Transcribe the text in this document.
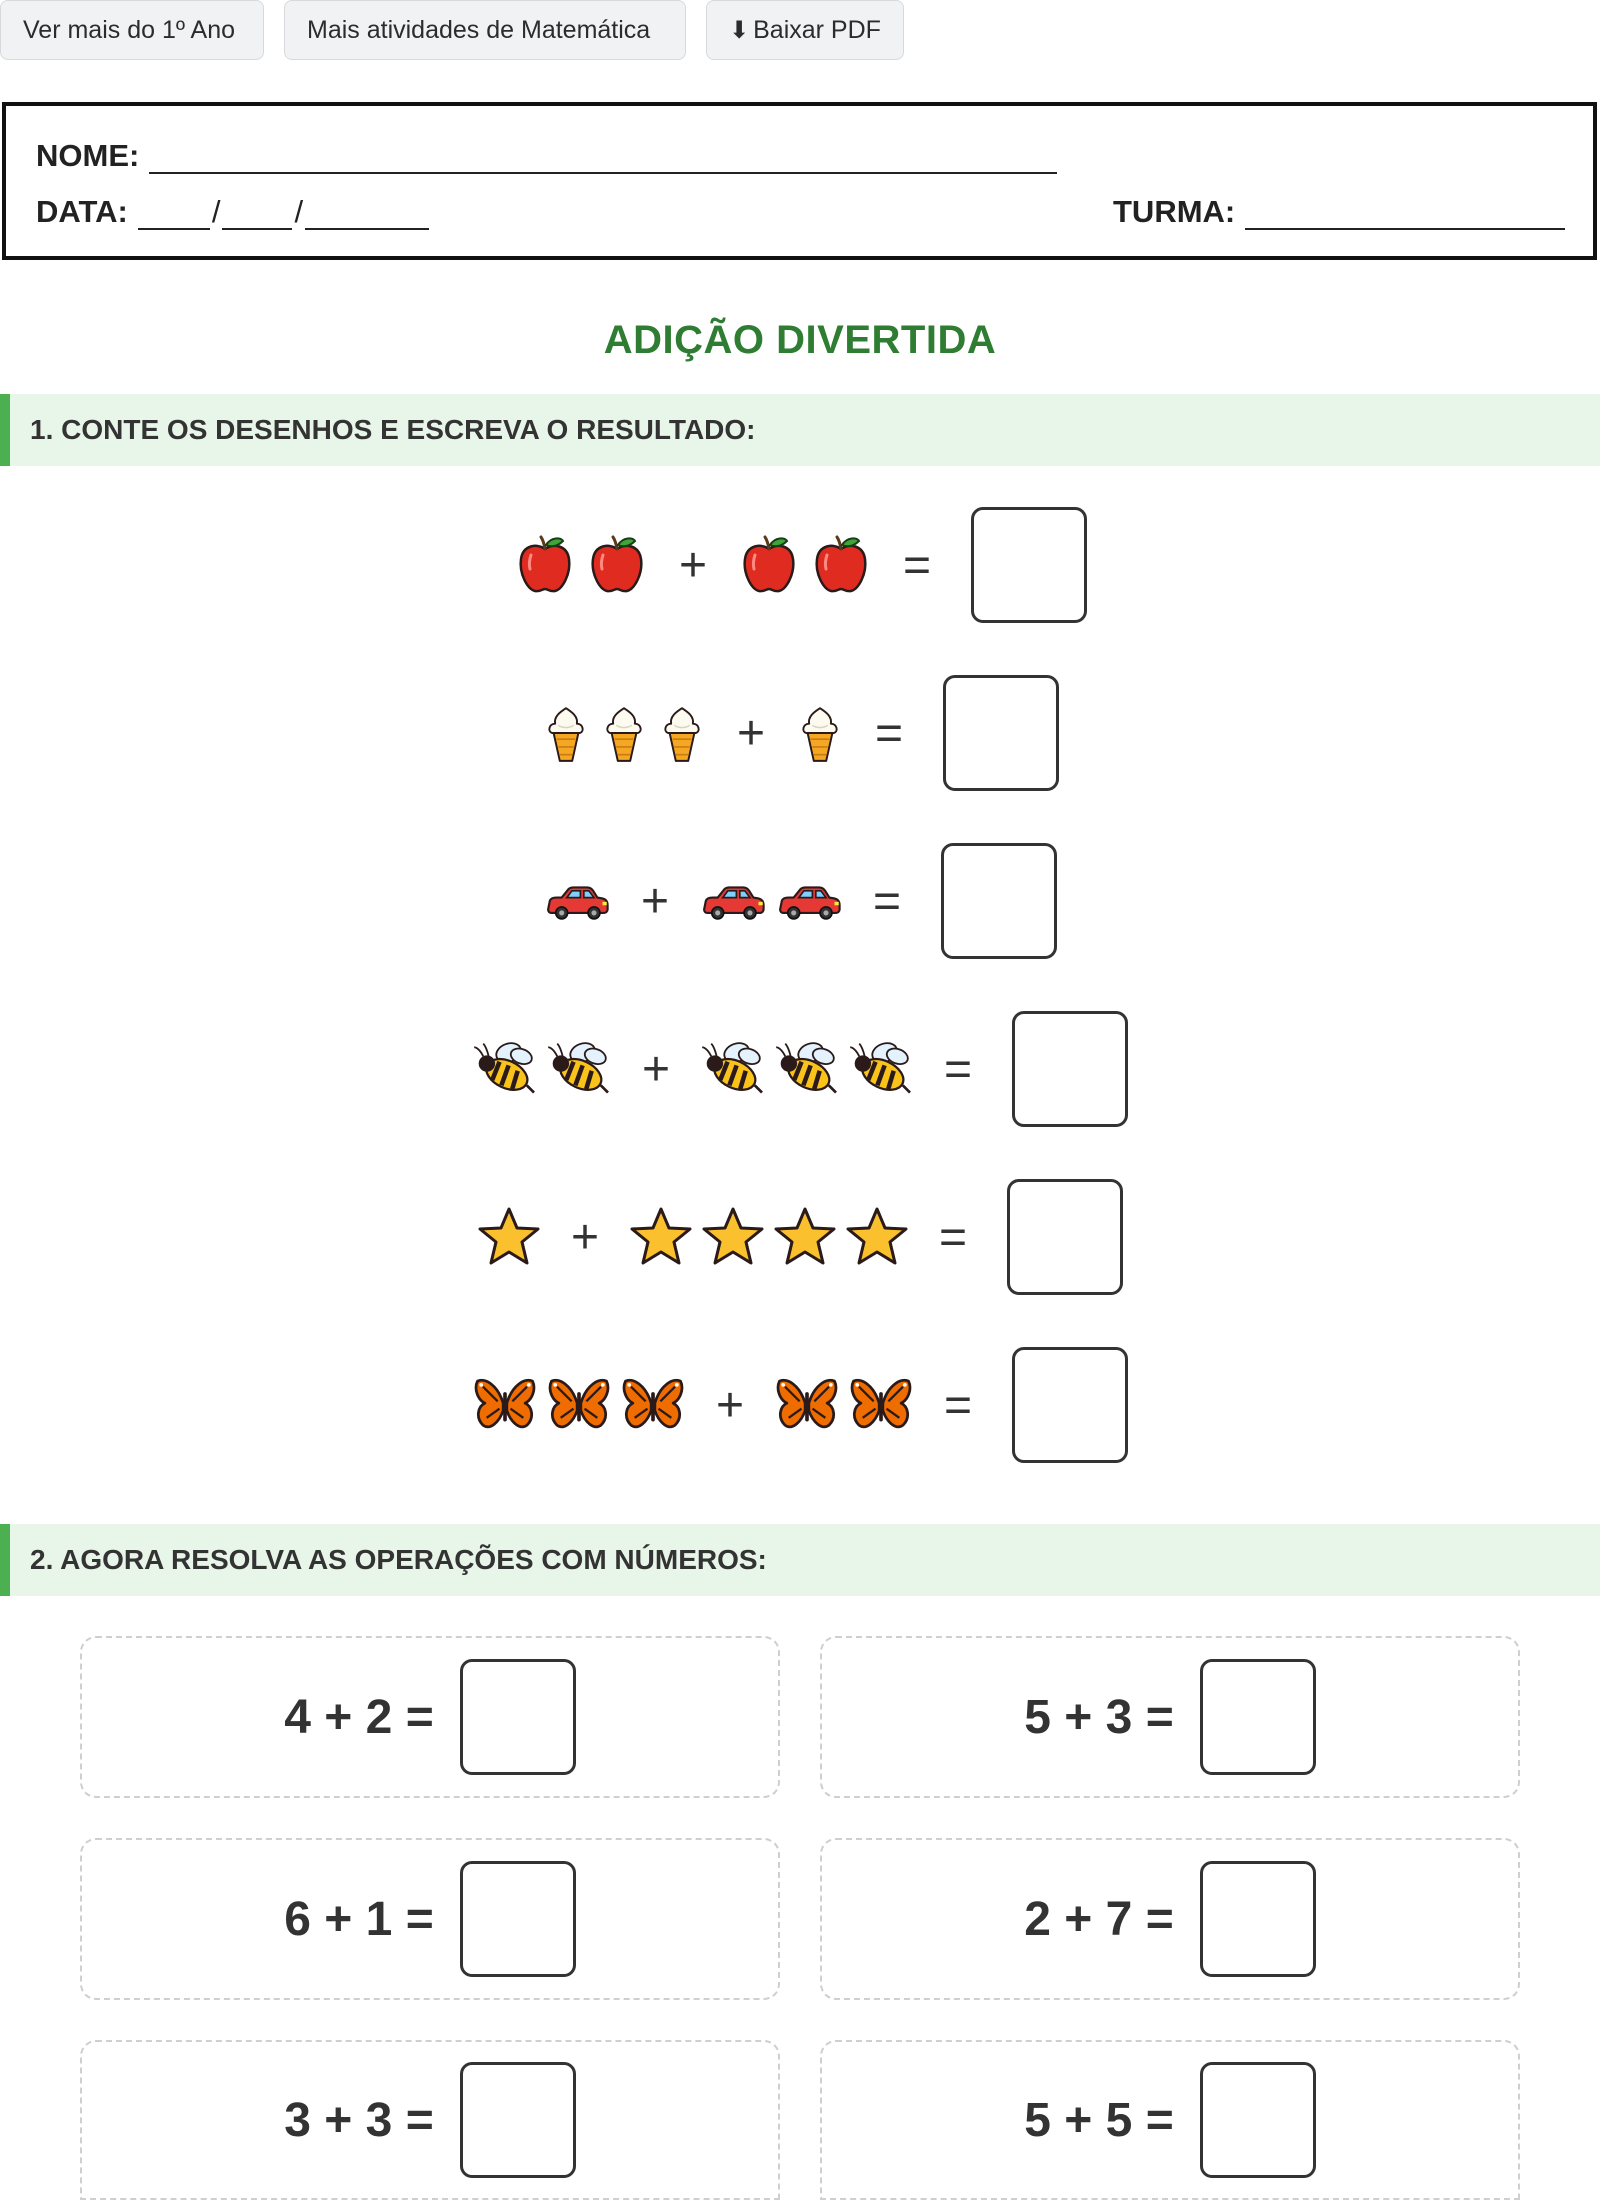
Ver mais do 1º Ano	Mais atividades de Matemática	⬇ Baixar PDF
NOME:
DATA:	/ /	TURMA:
ADIÇÃO DIVERTIDA
1. CONTE OS DESENHOS E ESCREVA O RESULTADO:
+	=
+ =
+	=
+	=
+	=
+	=
2. AGORA RESOLVA AS OPERAÇÕES COM NÚMEROS:
4 + 2 =	5 + 3 =
6 + 1 =	2 + 7 =
3 + 3 =	5 + 5 =
